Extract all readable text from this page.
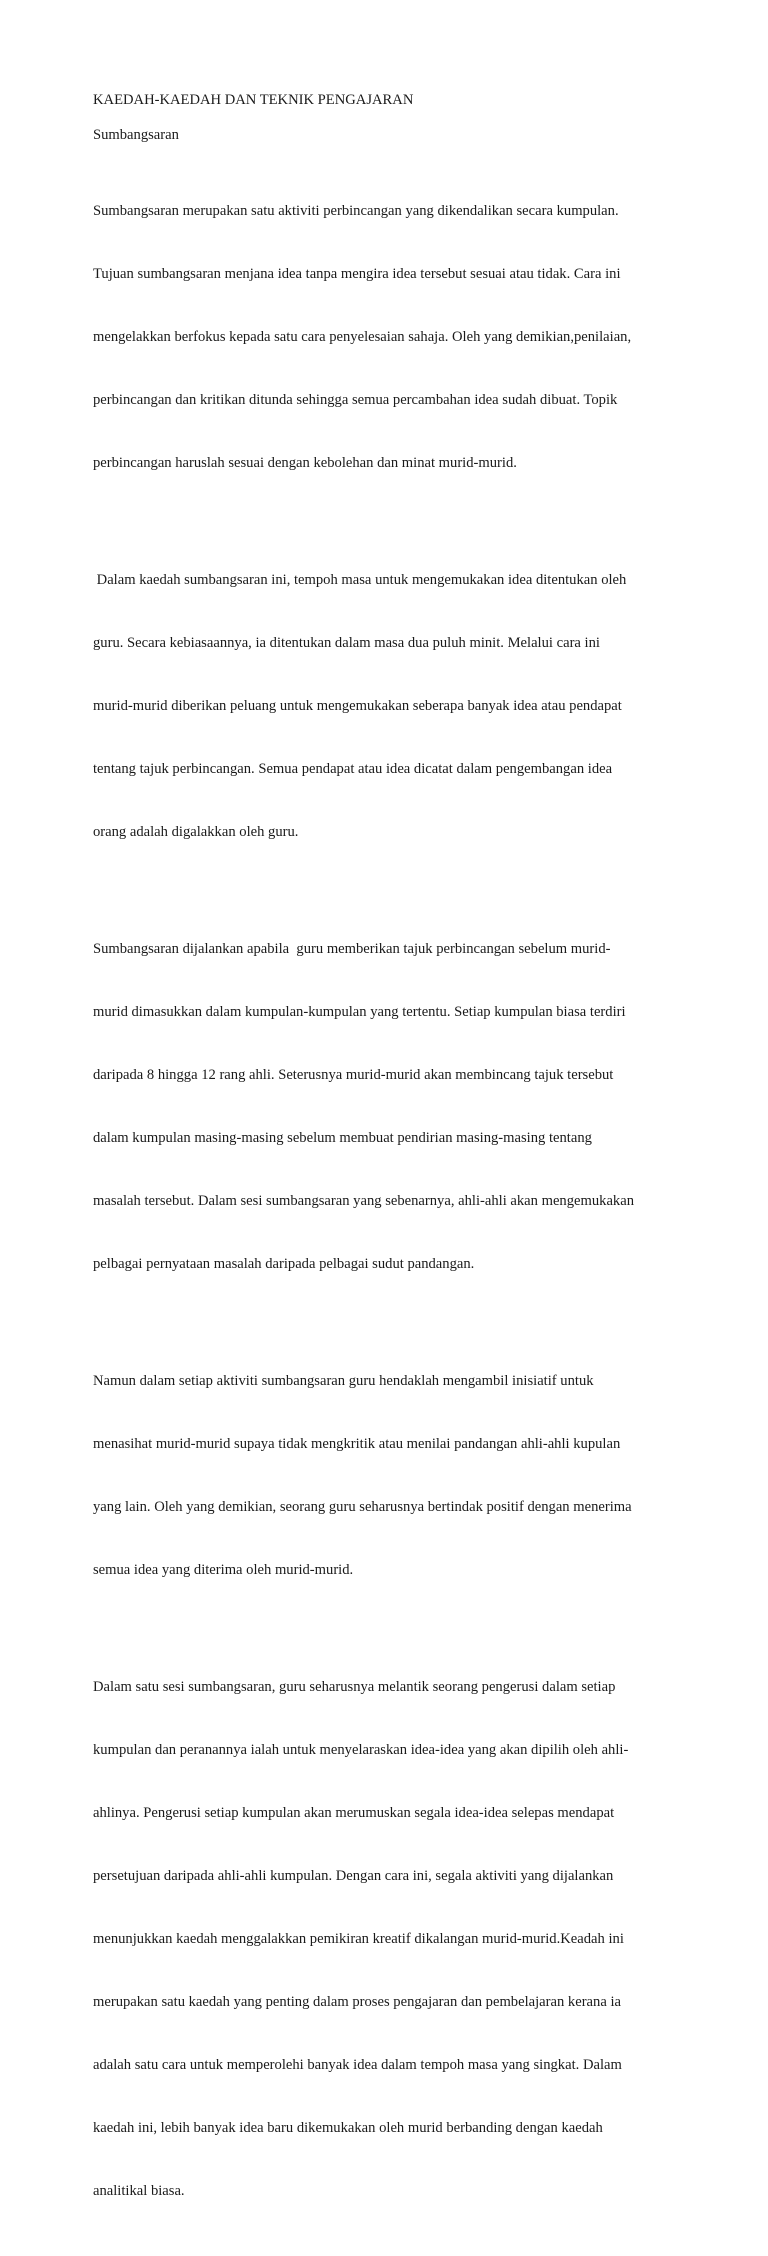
KAEDAH-KAEDAH DAN TEKNIK PENGAJARAN
Sumbangsaran

Sumbangsaran merupakan satu aktiviti perbincangan yang dikendalikan secara kumpulan.

Tujuan sumbangsaran menjana idea tanpa mengira idea tersebut sesuai atau tidak. Cara ini

mengelakkan berfokus kepada satu cara penyelesaian sahaja. Oleh yang demikian,penilaian,

perbincangan dan kritikan ditunda sehingga semua percambahan idea sudah dibuat. Topik

perbincangan haruslah sesuai dengan kebolehan dan minat murid-murid.

Dalam kaedah sumbangsaran ini, tempoh masa untuk mengemukakan idea ditentukan oleh

guru. Secara kebiasaannya, ia ditentukan dalam masa dua puluh minit. Melalui cara ini

murid-murid diberikan peluang untuk mengemukakan seberapa banyak idea atau pendapat

tentang tajuk perbincangan. Semua pendapat atau idea dicatat dalam pengembangan idea

orang adalah digalakkan oleh guru.

Sumbangsaran dijalankan apabila  guru memberikan tajuk perbincangan sebelum murid-

murid dimasukkan dalam kumpulan-kumpulan yang tertentu. Setiap kumpulan biasa terdiri

daripada 8 hingga 12 rang ahli. Seterusnya murid-murid akan membincang tajuk tersebut

dalam kumpulan masing-masing sebelum membuat pendirian masing-masing tentang

masalah tersebut. Dalam sesi sumbangsaran yang sebenarnya, ahli-ahli akan mengemukakan

pelbagai pernyataan masalah daripada pelbagai sudut pandangan.

Namun dalam setiap aktiviti sumbangsaran guru hendaklah mengambil inisiatif untuk

menasihat murid-murid supaya tidak mengkritik atau menilai pandangan ahli-ahli kupulan

yang lain. Oleh yang demikian, seorang guru seharusnya bertindak positif dengan menerima

semua idea yang diterima oleh murid-murid.

Dalam satu sesi sumbangsaran, guru seharusnya melantik seorang pengerusi dalam setiap

kumpulan dan peranannya ialah untuk menyelaraskan idea-idea yang akan dipilih oleh ahli-

ahlinya. Pengerusi setiap kumpulan akan merumuskan segala idea-idea selepas mendapat

persetujuan daripada ahli-ahli kumpulan. Dengan cara ini, segala aktiviti yang dijalankan

menunjukkan kaedah menggalakkan pemikiran kreatif dikalangan murid-murid.Keadah ini

merupakan satu kaedah yang penting dalam proses pengajaran dan pembelajaran kerana ia

adalah satu cara untuk memperolehi banyak idea dalam tempoh masa yang singkat. Dalam

kaedah ini, lebih banyak idea baru dikemukakan oleh murid berbanding dengan kaedah

analitikal biasa.
